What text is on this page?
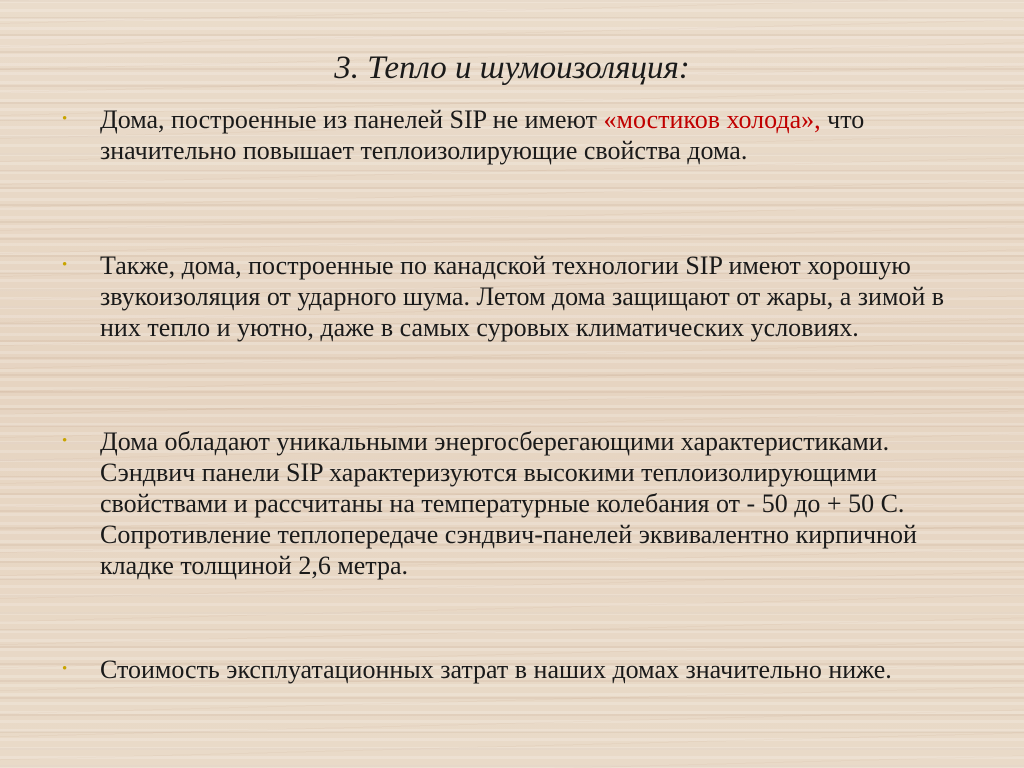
3. Тепло и шумоизоляция:
• Дома, построенные из панелей SIP не имеют «мостиков холода», что значительно повышает теплоизолирующие свойства дома.
• Также, дома, построенные по канадской технологии SIP имеют хорошую звукоизоляция от ударного шума. Летом дома защищают от жары, а зимой в них тепло и уютно, даже в самых суровых климатических условиях.
• Дома обладают уникальными энергосберегающими характеристиками. Сэндвич панели SIP характеризуются высокими теплоизолирующими свойствами и рассчитаны на температурные колебания от - 50 до + 50 С. Сопротивление теплопередаче сэндвич-панелей эквивалентно кирпичной кладке толщиной 2,6 метра.
• Стоимость эксплуатационных затрат в наших домах значительно ниже.
